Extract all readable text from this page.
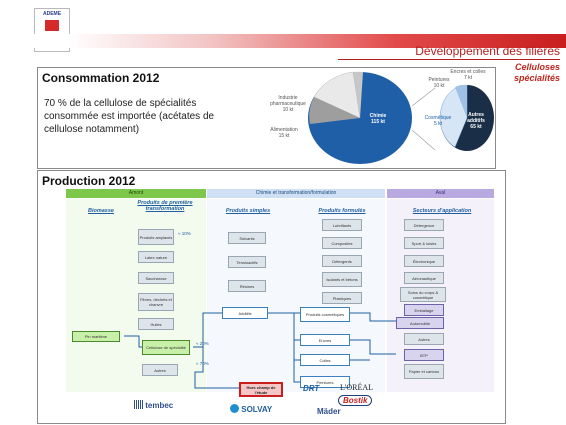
ADEME
Développement des filières
Celluloses
spécialités
Consommation 2012
70 % de la cellulose de spécialités consommée est importée (acétates de cellulose notamment)
Industrie
pharmaceutique
10 kt
Alimentation
15 kt
Chimie
115 kt
Cosmétique
5 kt
Autres
additifs
65 kt
Peintures
10 kt
Encres et colles
7 kt
Production 2012
Amont	Chimie et transformation/formulation	Aval
Biomasse
Produits de première transformation	Produits simples	Produits formulés	Secteurs d'application
Produits amylacés
Latex nature
Saccharose
Fibres, déchets et chanvre
Huiles
≈ 10%
Pin maritime
Cellulose de spécialité
≈ 20%
≈ 70%
Autres
Hors champ de l'étude
Solvants
Tensioactifs
Résines
Additifs
Lubrifiants
Composites
Détergents
Isolants et bétons
Plastiques
Produits cosmétiques
Encres
Colles
Peintures
Détergence
Sport & loisirs
Électronique
Aéronautique
Soins du corps & cosmétique
Emballage
Automobile
Autres
BTP
Papier et cartons
tembec	SOLVAY
DRT	L'ORÉAL
Bostik
Mäder
